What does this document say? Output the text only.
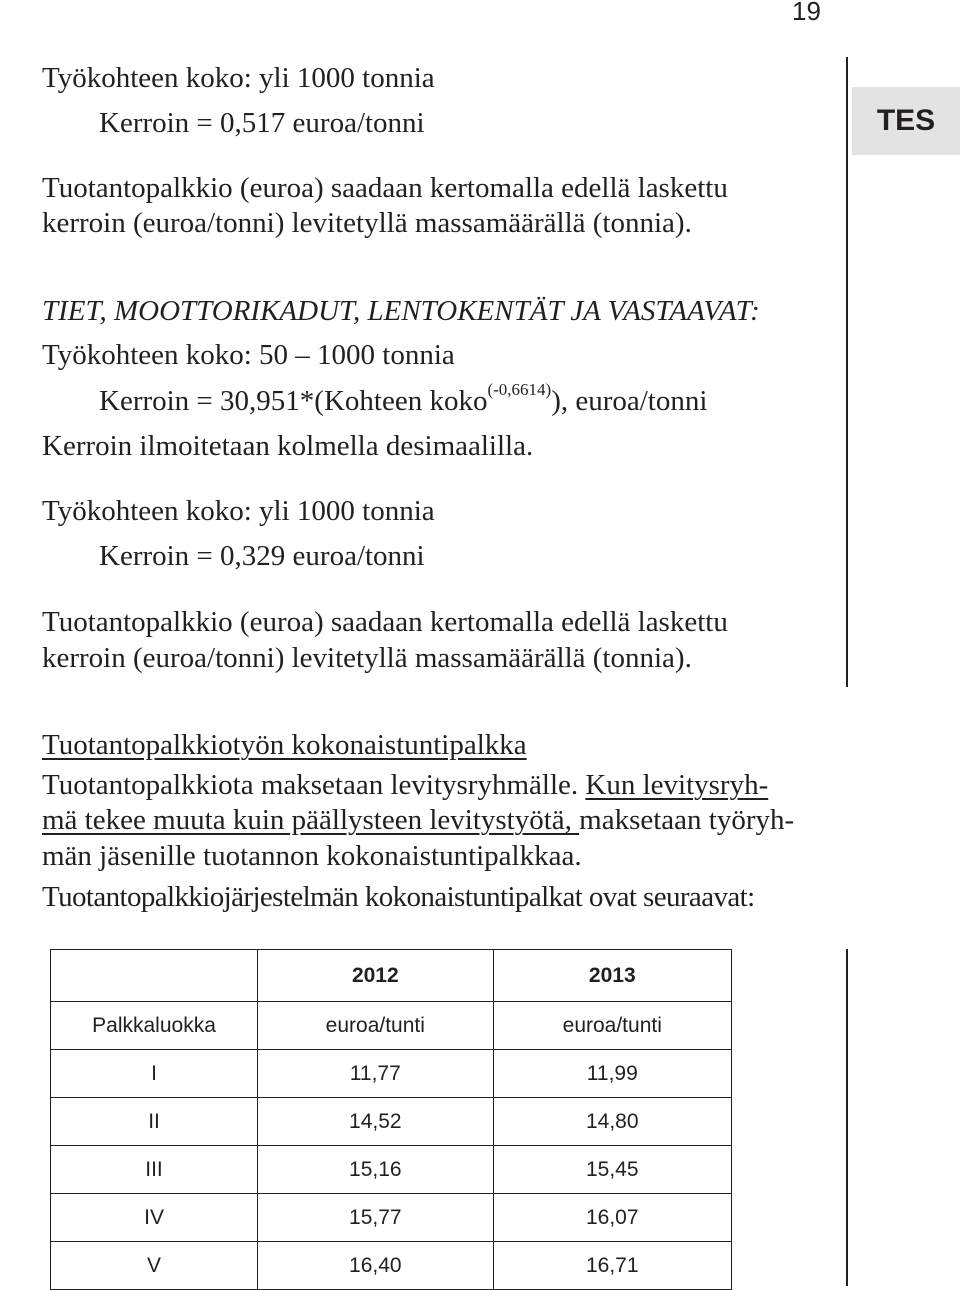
19
TES
Työkohteen koko: yli 1000 tonnia
Kerroin = 0,517 euroa/tonni
Tuotantopalkkio (euroa) saadaan kertomalla edellä laskettu
kerroin (euroa/tonni) levitetyllä massamäärällä (tonnia).
TIET, MOOTTORIKADUT, LENTOKENTÄT JA VASTAAVAT:
Työkohteen koko: 50 – 1000 tonnia
Kerroin = 30,951*(Kohteen koko$^{(-0,6614)}$), euroa/tonni
Kerroin ilmoitetaan kolmella desimaalilla.
Työkohteen koko: yli 1000 tonnia
Kerroin = 0,329 euroa/tonni
Tuotantopalkkio (euroa) saadaan kertomalla edellä laskettu
kerroin (euroa/tonni) levitetyllä massamäärällä (tonnia).
Tuotantopalkkiotyön kokonaistuntipalkka
Tuotantopalkkiota maksetaan levitysryhmälle. Kun levitysryh-
mä tekee muuta kuin päällysteen levitystyötä, maksetaan työryh-
män jäsenille tuotannon kokonaistuntipalkkaa.
Tuotantopalkkiojärjestelmän kokonaistuntipalkat ovat seuraavat:
	2012	2013
Palkkaluokka	euroa/tunti	euroa/tunti
I	11,77	11,99
II	14,52	14,80
III	15,16	15,45
IV	15,77	16,07
V	16,40	16,71
